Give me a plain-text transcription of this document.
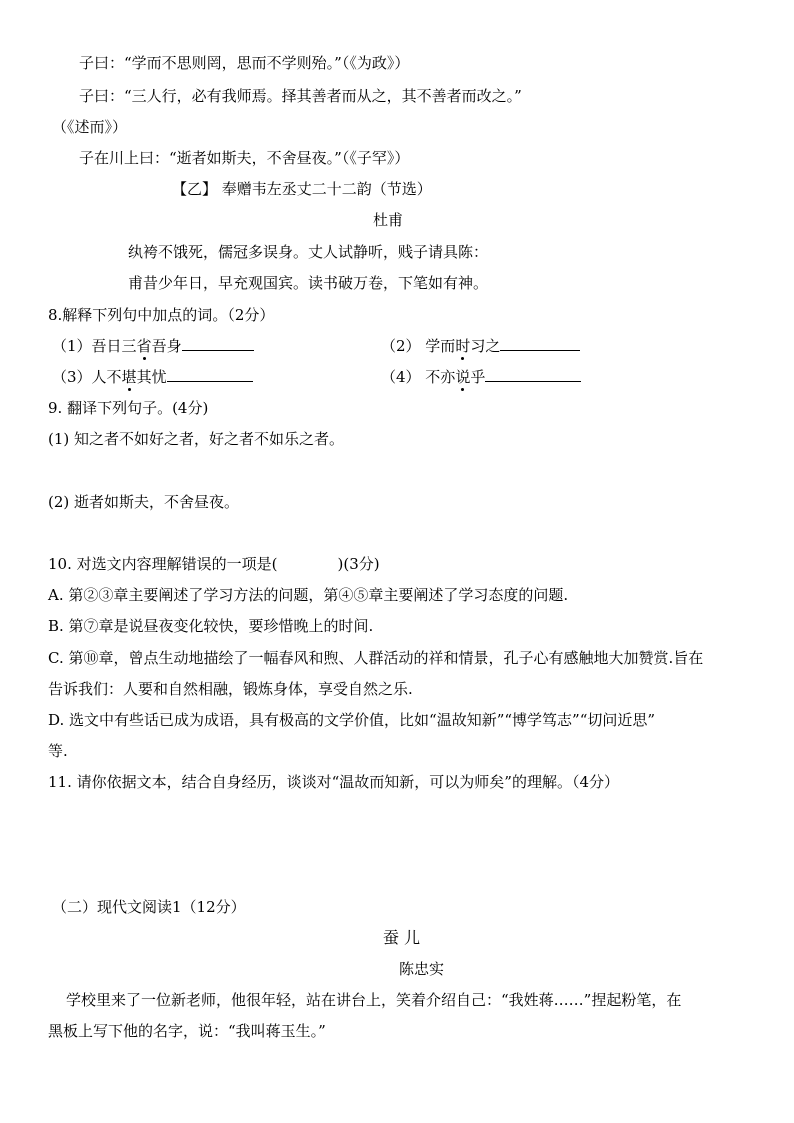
子曰：“学而不思则罔，思而不学则殆。”（《为政》）
子曰：“三人行，必有我师焉。择其善者而从之，其不善者而改之。”
（《述而》）
子在川上曰：“逝者如斯夫，不舍昼夜。”（《子罕》）
【乙】 奉赠韦左丞丈二十二韵（节选）
杜甫
纨袴不饿死，儒冠多误身。丈人试静听，贱子请具陈：
甫昔少年日，早充观国宾。读书破万卷，下笔如有神。
8.解释下列句中加点的词。（2分）
（1）吾日三省吾身	（2） 学而时习之
（3）人不堪其忧	（4） 不亦说乎
9. 翻译下列句子。(4分)
(1) 知之者不如好之者，好之者不如乐之者。
(2) 逝者如斯夫，不舍昼夜。
10. 对选文内容理解错误的一项是(	)(3分)
A. 第②③章主要阐述了学习方法的问题，第④⑤章主要阐述了学习态度的问题.
B. 第⑦章是说昼夜变化较快，要珍惜晚上的时间.
C. 第⑩章，曾点生动地描绘了一幅春风和煦、人群活动的祥和情景，孔子心有感触地大加赞赏.旨在
告诉我们：人要和自然相融，锻炼身体，享受自然之乐.
D. 选文中有些话已成为成语，具有极高的文学价值，比如“温故知新”“博学笃志”“切问近思”
等.
11. 请你依据文本，结合自身经历，谈谈对“温故而知新，可以为师矣”的理解。（4分）
（二）现代文阅读1（12分）
蚕 儿
陈忠实
学校里来了一位新老师，他很年轻，站在讲台上，笑着介绍自己：“我姓蒋……”捏起粉笔，在
黑板上写下他的名字，说：“我叫蒋玉生。”
